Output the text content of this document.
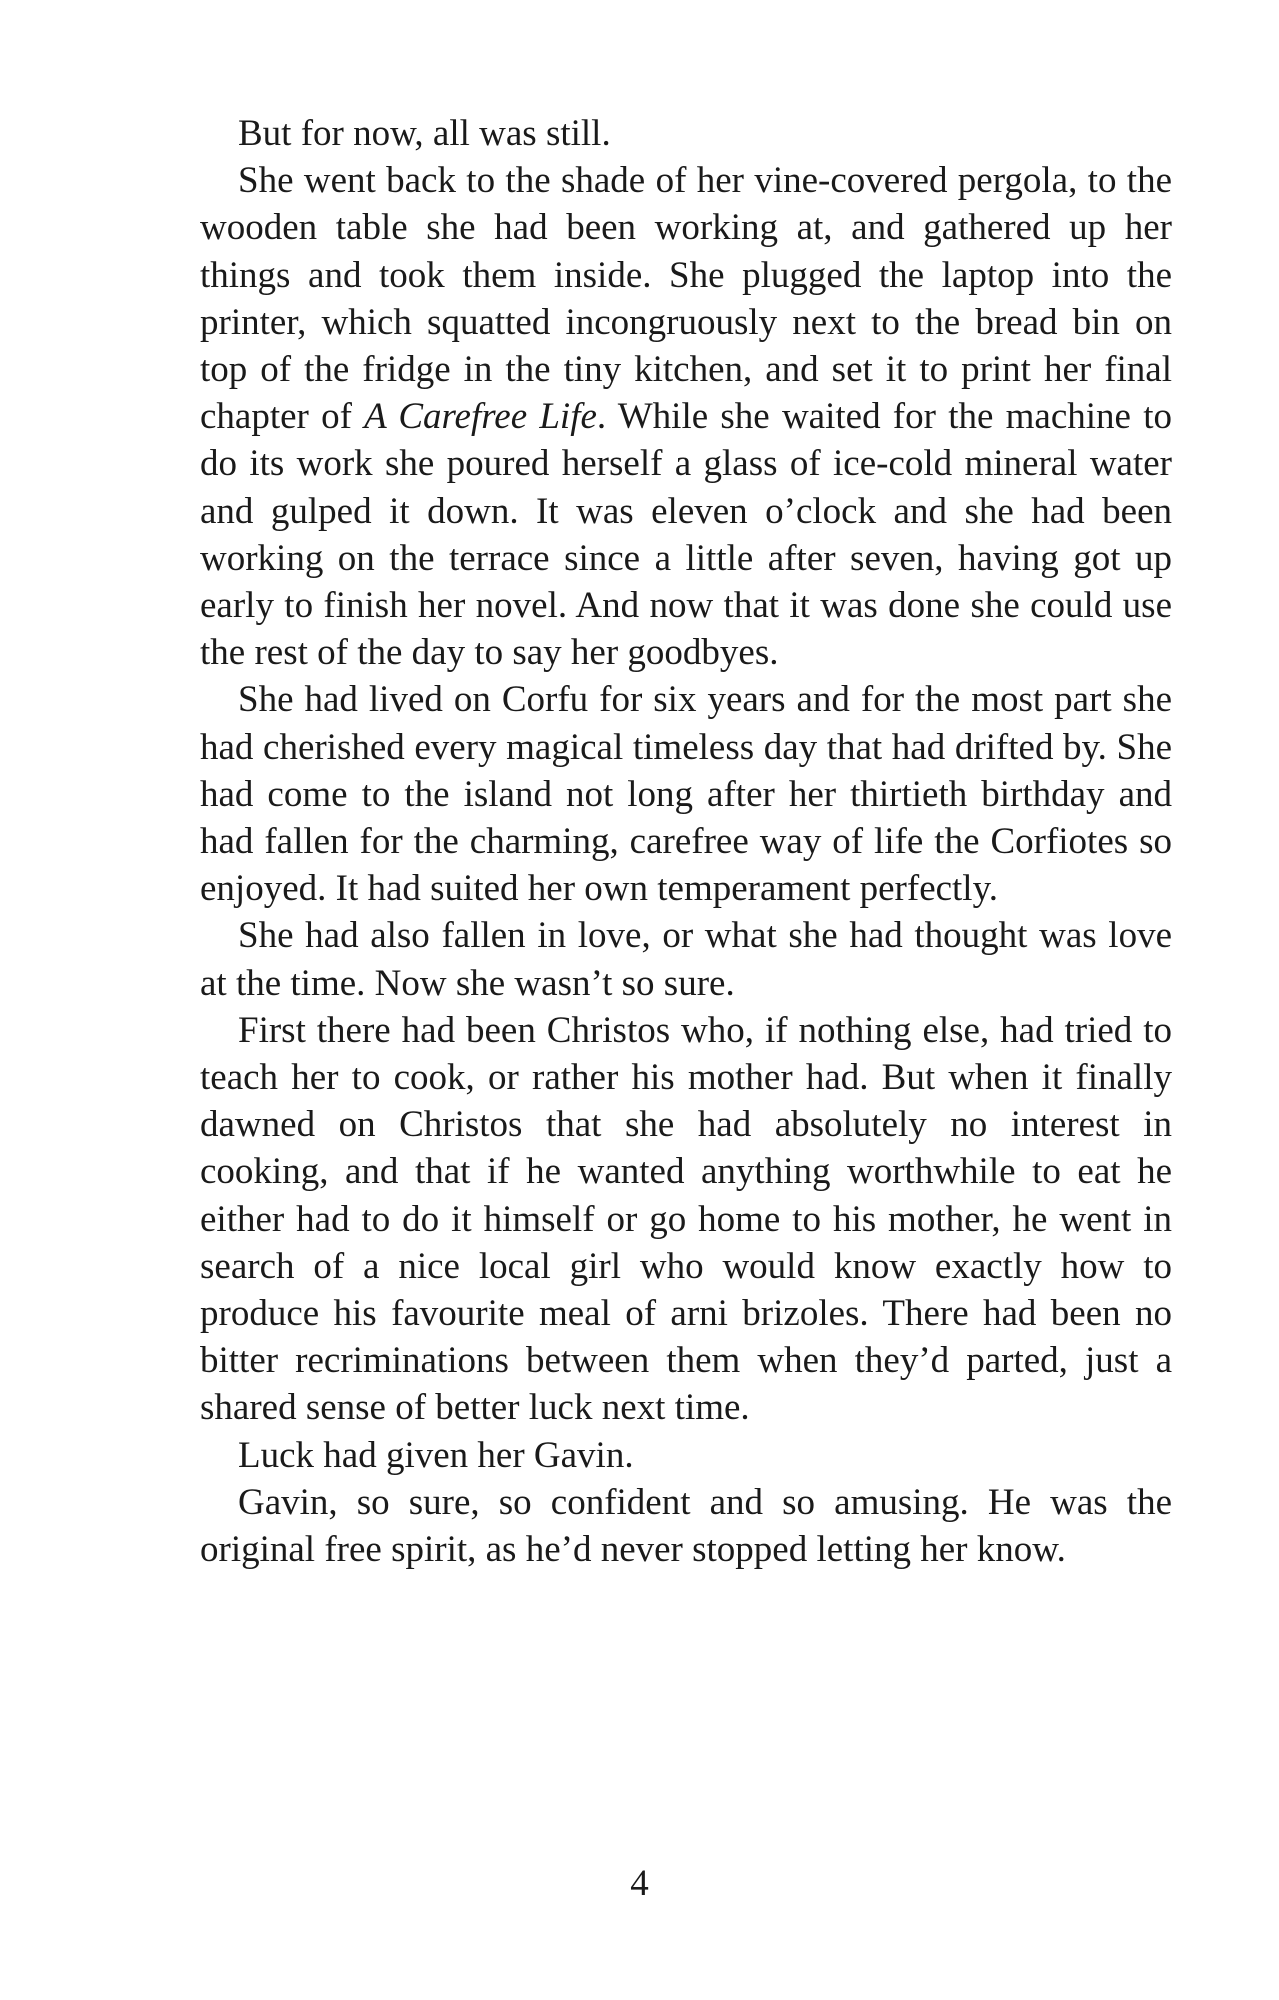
But for now, all was still.

She went back to the shade of her vine-covered pergola, to the wooden table she had been working at, and gathered up her things and took them inside. She plugged the laptop into the printer, which squatted incongruously next to the bread bin on top of the fridge in the tiny kitchen, and set it to print her final chapter of A Carefree Life. While she waited for the machine to do its work she poured herself a glass of ice-cold mineral water and gulped it down. It was eleven o’clock and she had been working on the terrace since a little after seven, having got up early to finish her novel. And now that it was done she could use the rest of the day to say her goodbyes.

She had lived on Corfu for six years and for the most part she had cherished every magical timeless day that had drifted by. She had come to the island not long after her thirtieth birthday and had fallen for the charming, carefree way of life the Corfiotes so enjoyed. It had suited her own temperament perfectly.

She had also fallen in love, or what she had thought was love at the time. Now she wasn’t so sure.

First there had been Christos who, if nothing else, had tried to teach her to cook, or rather his mother had. But when it finally dawned on Christos that she had absolutely no interest in cooking, and that if he wanted anything worthwhile to eat he either had to do it himself or go home to his mother, he went in search of a nice local girl who would know exactly how to produce his favourite meal of arni brizoles. There had been no bitter recriminations between them when they’d parted, just a shared sense of better luck next time.

Luck had given her Gavin.

Gavin, so sure, so confident and so amusing. He was the original free spirit, as he’d never stopped letting her know.

4
